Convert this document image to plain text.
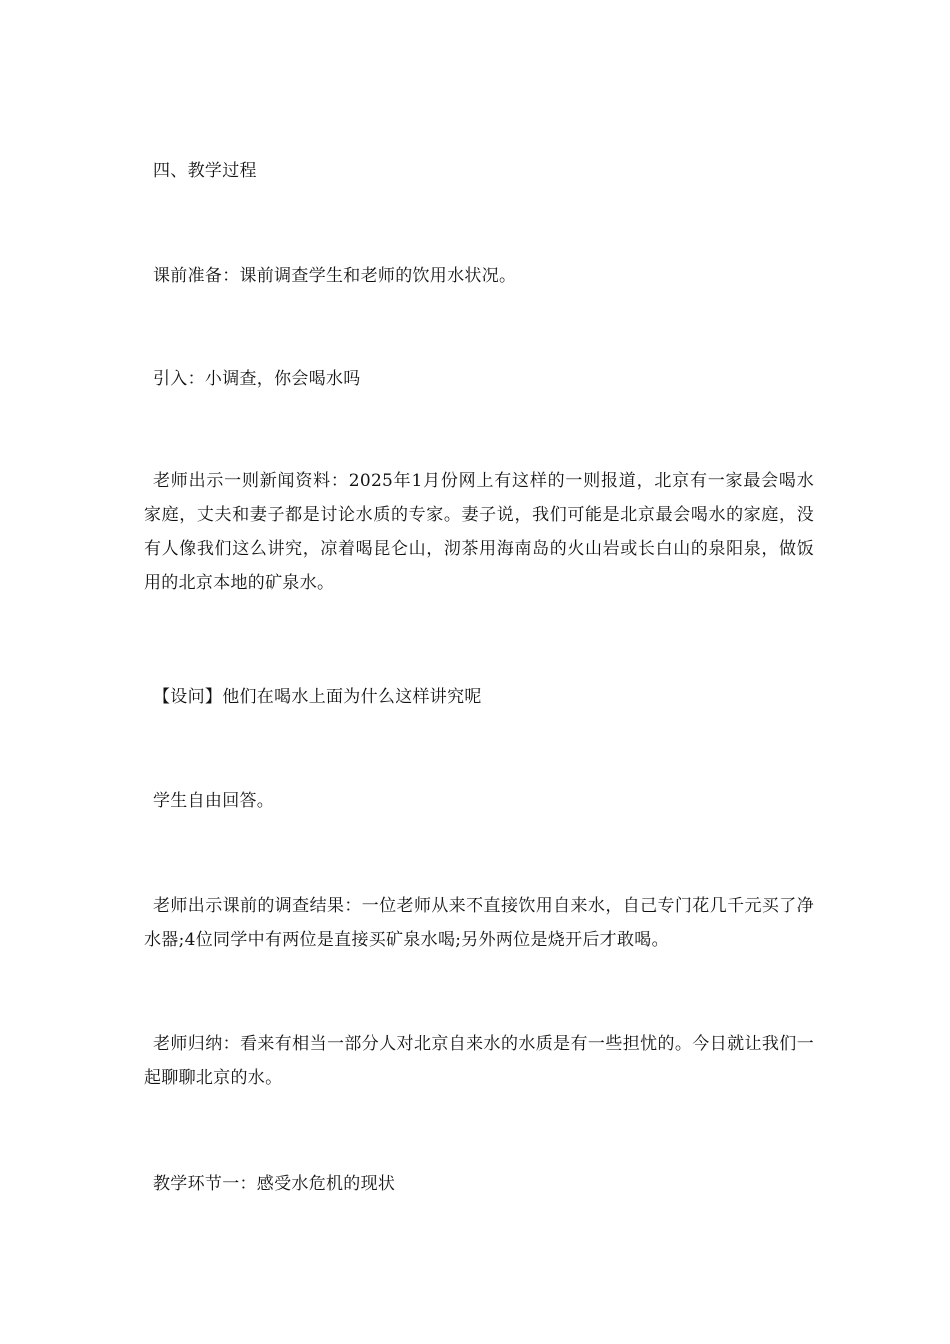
四、教学过程

课前准备：课前调查学生和老师的饮用水状况。

引入：小调查，你会喝水吗

老师出示一则新闻资料：2025年1月份网上有这样的一则报道，北京有一家最会喝水家庭，丈夫和妻子都是讨论水质的专家。妻子说，我们可能是北京最会喝水的家庭，没有人像我们这么讲究，凉着喝昆仑山，沏茶用海南岛的火山岩或长白山的泉阳泉，做饭用的北京本地的矿泉水。

【设问】他们在喝水上面为什么这样讲究呢

学生自由回答。

老师出示课前的调查结果：一位老师从来不直接饮用自来水，自己专门花几千元买了净水器;4位同学中有两位是直接买矿泉水喝;另外两位是烧开后才敢喝。

老师归纳：看来有相当一部分人对北京自来水的水质是有一些担忧的。今日就让我们一起聊聊北京的水。

教学环节一：感受水危机的现状
